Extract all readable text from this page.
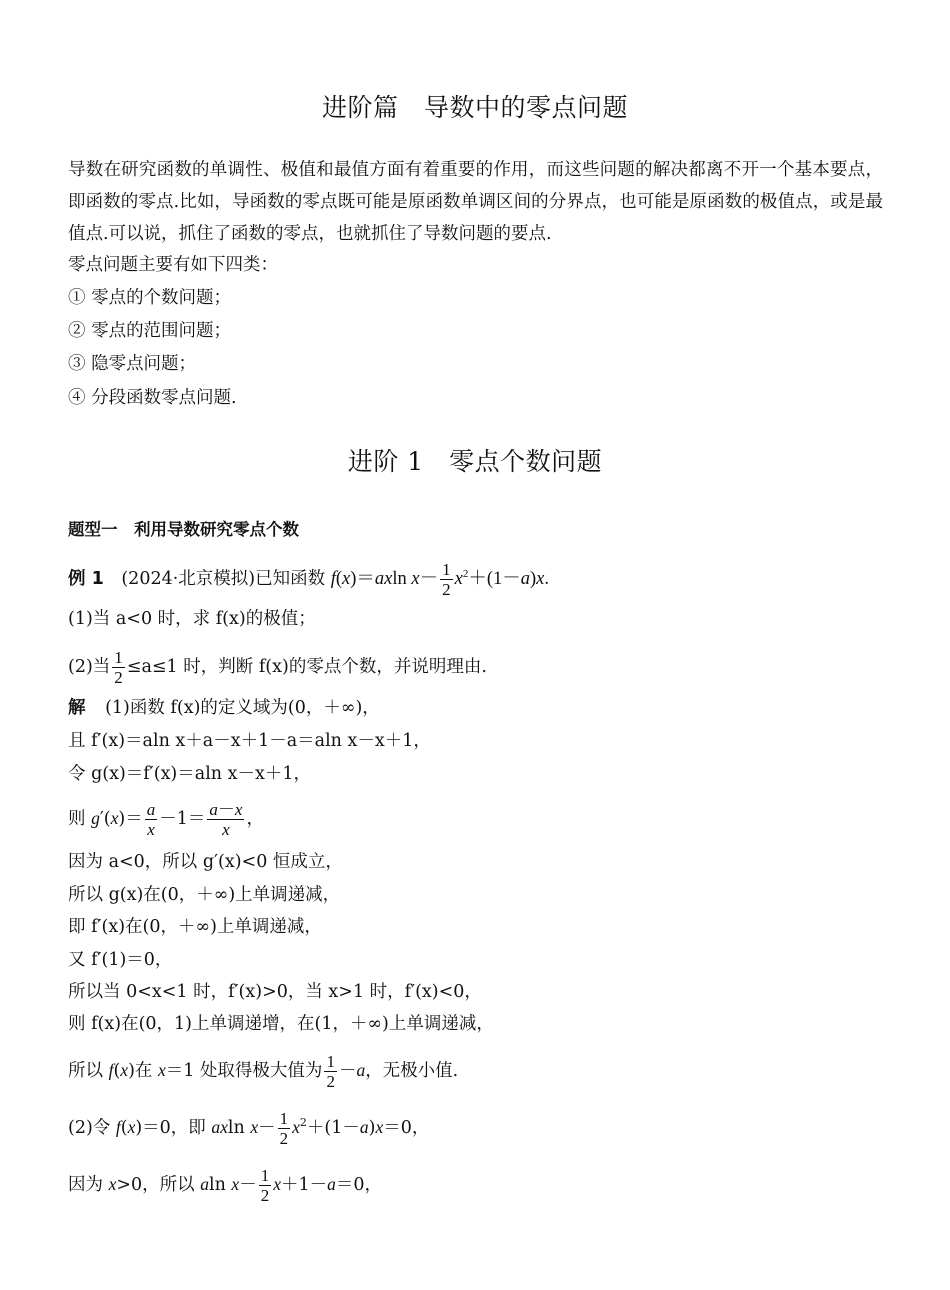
进阶篇　导数中的零点问题
导数在研究函数的单调性、极值和最值方面有着重要的作用，而这些问题的解决都离不开一个基本要点，即函数的零点.比如，导函数的零点既可能是原函数单调区间的分界点，也可能是原函数的极值点，或是最值点.可以说，抓住了函数的零点，也就抓住了导数问题的要点.
零点问题主要有如下四类：
① 零点的个数问题；
② 零点的范围问题；
③ 隐零点问题；
④ 分段函数零点问题.
进阶 1　零点个数问题
题型一　利用导数研究零点个数
例 1 (2024·北京模拟)已知函数 f(x)＝axln $x- \frac{1}{2} x^2+(1-a)x$.
(1)当 a<0 时，求 f(x)的极值；
(2)当 $\frac{1}{2} \le a\le 1$ 时，判断 f(x)的零点个数，并说明理由.
解 (1)函数 f(x)的定义域为(0，＋∞)，
且 f′(x)＝aln x＋a－x＋1－a＝aln x－x＋1，
令 g(x)＝f′(x)＝aln x－x＋1，
则 $g'(x)= \frac{a}{x} -1= \frac{a-x}{x}$ ，
因为 a<0，所以 g′(x)<0 恒成立，
所以 g(x)在(0，＋∞)上单调递减，
即 f′(x)在(0，＋∞)上单调递减，
又 f′(1)＝0，
所以当 0<x<1 时，f′(x)>0，当 x>1 时，f′(x)<0，
则 f(x)在(0，1)上单调递增，在(1，＋∞)上单调递减，
所以 f(x)在 x＝1 处取得极大值为 $\frac{1}{2} -a$，无极小值.
(2)令 f(x)＝0，即 axln $x- \frac{1}{2} x^2+(1-a)x=0$，
因为 x>0，所以 aln $x- \frac{1}{2} x+1-a=0$，
